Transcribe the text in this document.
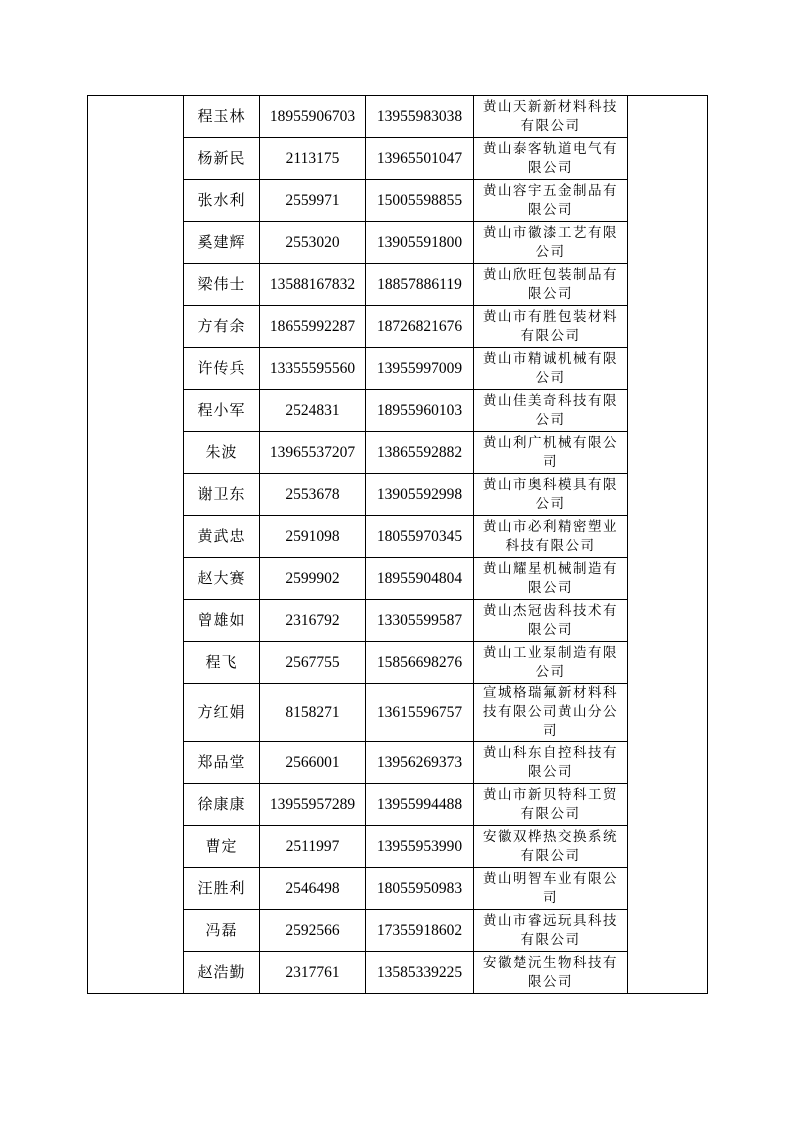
	程玉林	18955906703	13955983038	黄山天新新材料科技有限公司	
	杨新民	2113175	13965501047	黄山泰客轨道电气有限公司	
	张水利	2559971	15005598855	黄山容宇五金制品有限公司	
	奚建辉	2553020	13905591800	黄山市徽漆工艺有限公司	
	梁伟士	13588167832	18857886119	黄山欣旺包装制品有限公司	
	方有余	18655992287	18726821676	黄山市有胜包装材料有限公司	
	许传兵	13355595560	13955997009	黄山市精诚机械有限公司	
	程小军	2524831	18955960103	黄山佳美奇科技有限公司	
	朱波	13965537207	13865592882	黄山利广机械有限公司	
	谢卫东	2553678	13905592998	黄山市奥科模具有限公司	
	黄武忠	2591098	18055970345	黄山市必利精密塑业科技有限公司	
	赵大赛	2599902	18955904804	黄山耀星机械制造有限公司	
	曾雄如	2316792	13305599587	黄山杰冠齿科技术有限公司	
	程飞	2567755	15856698276	黄山工业泵制造有限公司	
	方红娟	8158271	13615596757	宣城格瑞氟新材料科技有限公司黄山分公司	
	郑品堂	2566001	13956269373	黄山科东自控科技有限公司	
	徐康康	13955957289	13955994488	黄山市新贝特科工贸有限公司	
	曹定	2511997	13955953990	安徽双桦热交换系统有限公司	
	汪胜利	2546498	18055950983	黄山明智车业有限公司	
	冯磊	2592566	17355918602	黄山市睿远玩具科技有限公司	
	赵浩勤	2317761	13585339225	安徽楚沅生物科技有限公司	
